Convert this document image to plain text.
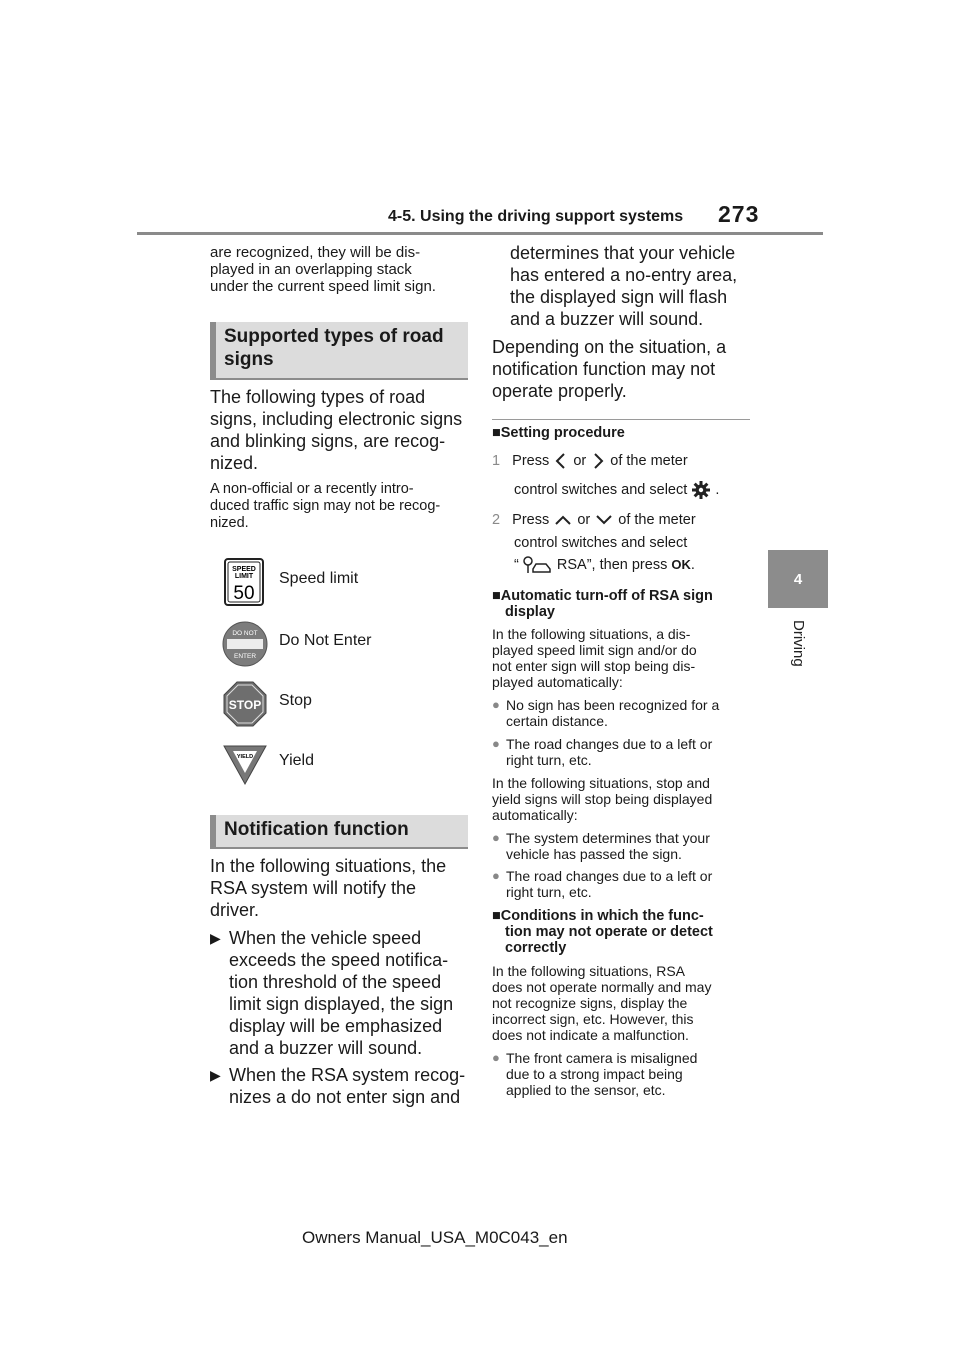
4-5. Using the driving support systems 273
4
Driving
are recognized, they will be dis-
played in an overlapping stack
under the current speed limit sign.
Supported types of road
signs
The following types of road
signs, including electronic signs
and blinking signs, are recog-
nized.
A non-official or a recently intro-
duced traffic sign may not be recog-
nized.
SPEED
LIMIT
50
Speed limit
DO NOT
ENTER
Do Not Enter
STOP Stop
YIELD Yield
Notification function
In the following situations, the
RSA system will notify the
driver.
▶ When the vehicle speed
exceeds the speed notifica-
tion threshold of the speed
limit sign displayed, the sign
display will be emphasized
and a buzzer will sound.
▶ When the RSA system recog-
nizes a do not enter sign and
determines that your vehicle
has entered a no-entry area,
the displayed sign will flash
and a buzzer will sound.
Depending on the situation, a
notification function may not
operate properly.
■Setting procedure
1 Press or of the meter
control switches and select .
2 Press or of the meter
control switches and select
“	RSA”, then press OK.
■Automatic turn-off of RSA sign
display
In the following situations, a dis-
played speed limit sign and/or do
not enter sign will stop being dis-
played automatically:
● No sign has been recognized for a
certain distance.
● The road changes due to a left or
right turn, etc.
In the following situations, stop and
yield signs will stop being displayed
automatically:
● The system determines that your
vehicle has passed the sign.
● The road changes due to a left or
right turn, etc.
■Conditions in which the func-
tion may not operate or detect
correctly
In the following situations, RSA
does not operate normally and may
not recognize signs, display the
incorrect sign, etc. However, this
does not indicate a malfunction.
● The front camera is misaligned
due to a strong impact being
applied to the sensor, etc.
Owners Manual_USA_M0C043_en
